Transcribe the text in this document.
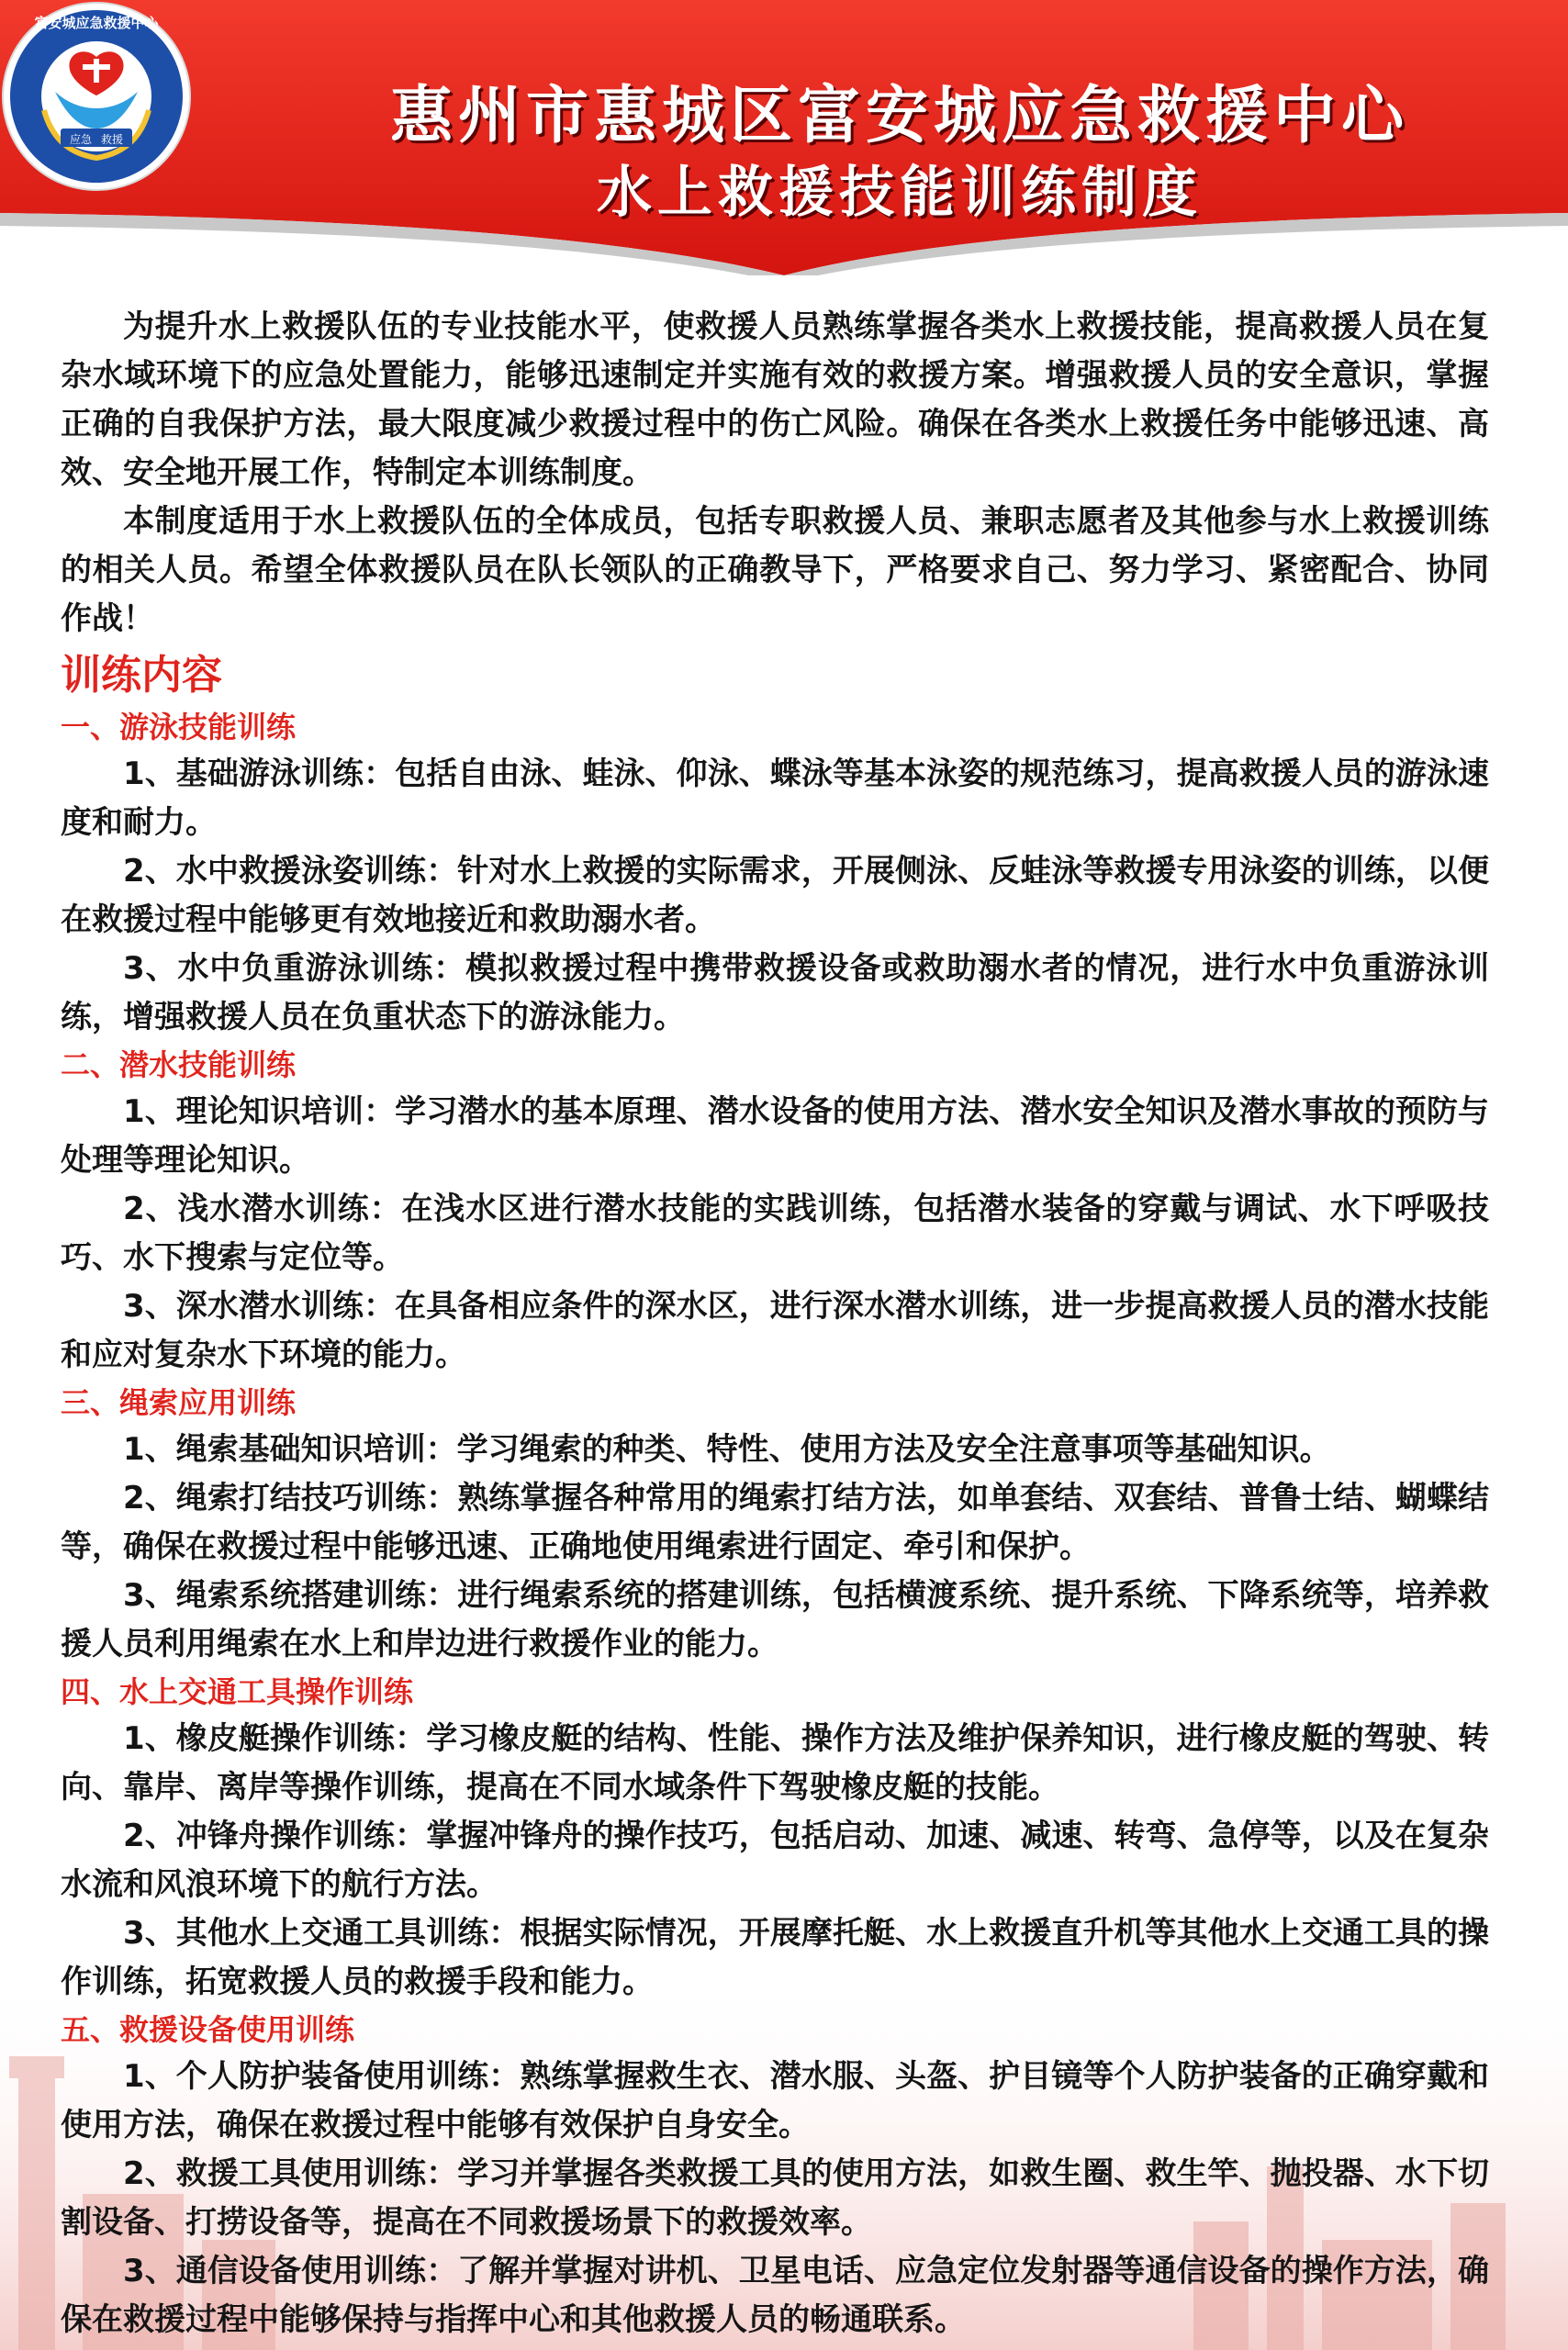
富安城应急救援中心
应急 救援	惠州市惠城区富安城应急救援中心
水上救援技能训练制度

为提升水上救援队伍的专业技能水平，使救援人员熟练掌握各类水上救援技能，提高救援人员在复杂水域环境下的应急处置能力，能够迅速制定并实施有效的救援方案。增强救援人员的安全意识，掌握正确的自我保护方法，最大限度减少救援过程中的伤亡风险。确保在各类水上救援任务中能够迅速、高效、安全地开展工作，特制定本训练制度。

本制度适用于水上救援队伍的全体成员，包括专职救援人员、兼职志愿者及其他参与水上救援训练的相关人员。希望全体救援队员在队长领队的正确教导下，严格要求自己、努力学习、紧密配合、协同作战！

训练内容
一、游泳技能训练

1、基础游泳训练：包括自由泳、蛙泳、仰泳、蝶泳等基本泳姿的规范练习，提高救援人员的游泳速度和耐力。

2、水中救援泳姿训练：针对水上救援的实际需求，开展侧泳、反蛙泳等救援专用泳姿的训练，以便在救援过程中能够更有效地接近和救助溺水者。

3、水中负重游泳训练：模拟救援过程中携带救援设备或救助溺水者的情况，进行水中负重游泳训练，增强救援人员在负重状态下的游泳能力。

二、潜水技能训练

1、理论知识培训：学习潜水的基本原理、潜水设备的使用方法、潜水安全知识及潜水事故的预防与处理等理论知识。

2、浅水潜水训练：在浅水区进行潜水技能的实践训练，包括潜水装备的穿戴与调试、水下呼吸技巧、水下搜索与定位等。

3、深水潜水训练：在具备相应条件的深水区，进行深水潜水训练，进一步提高救援人员的潜水技能和应对复杂水下环境的能力。

三、绳索应用训练

1、绳索基础知识培训：学习绳索的种类、特性、使用方法及安全注意事项等基础知识。

2、绳索打结技巧训练：熟练掌握各种常用的绳索打结方法，如单套结、双套结、普鲁士结、蝴蝶结等，确保在救援过程中能够迅速、正确地使用绳索进行固定、牵引和保护。

3、绳索系统搭建训练：进行绳索系统的搭建训练，包括横渡系统、提升系统、下降系统等，培养救援人员利用绳索在水上和岸边进行救援作业的能力。

四、水上交通工具操作训练

1、橡皮艇操作训练：学习橡皮艇的结构、性能、操作方法及维护保养知识，进行橡皮艇的驾驶、转向、靠岸、离岸等操作训练，提高在不同水域条件下驾驶橡皮艇的技能。

2、冲锋舟操作训练：掌握冲锋舟的操作技巧，包括启动、加速、减速、转弯、急停等，以及在复杂水流和风浪环境下的航行方法。

3、其他水上交通工具训练：根据实际情况，开展摩托艇、水上救援直升机等其他水上交通工具的操作训练，拓宽救援人员的救援手段和能力。

五、救援设备使用训练

1、个人防护装备使用训练：熟练掌握救生衣、潜水服、头盔、护目镜等个人防护装备的正确穿戴和使用方法，确保在救援过程中能够有效保护自身安全。

2、救援工具使用训练：学习并掌握各类救援工具的使用方法，如救生圈、救生竿、抛投器、水下切割设备、打捞设备等，提高在不同救援场景下的救援效率。

3、通信设备使用训练：了解并掌握对讲机、卫星电话、应急定位发射器等通信设备的操作方法，确保在救援过程中能够保持与指挥中心和其他救援人员的畅通联系。
